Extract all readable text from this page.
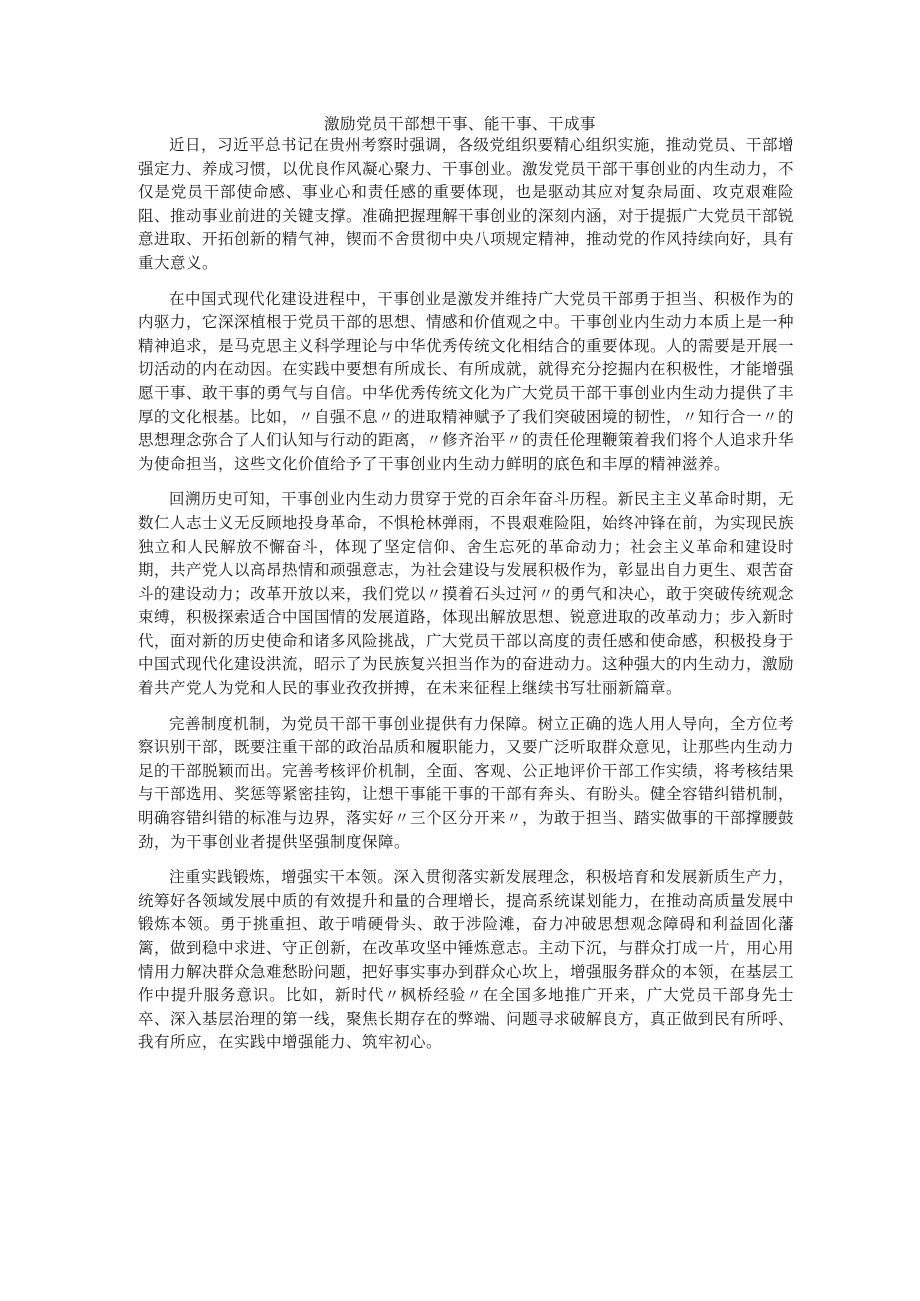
激励党员干部想干事、能干事、干成事

近日，习近平总书记在贵州考察时强调，各级党组织要精心组织实施，推动党员、干部增强定力、养成习惯，以优良作风凝心聚力、干事创业。激发党员干部干事创业的内生动力，不仅是党员干部使命感、事业心和责任感的重要体现，也是驱动其应对复杂局面、攻克艰难险阻、推动事业前进的关键支撑。准确把握理解干事创业的深刻内涵，对于提振广大党员干部锐意进取、开拓创新的精气神，锲而不舍贯彻中央八项规定精神，推动党的作风持续向好，具有重大意义。

在中国式现代化建设进程中，干事创业是激发并维持广大党员干部勇于担当、积极作为的内驱力，它深深植根于党员干部的思想、情感和价值观之中。干事创业内生动力本质上是一种精神追求，是马克思主义科学理论与中华优秀传统文化相结合的重要体现。人的需要是开展一切活动的内在动因。在实践中要想有所成长、有所成就，就得充分挖掘内在积极性，才能增强愿干事、敢干事的勇气与自信。中华优秀传统文化为广大党员干部干事创业内生动力提供了丰厚的文化根基。比如，〃自强不息〃的进取精神赋予了我们突破困境的韧性，〃知行合一〃的思想理念弥合了人们认知与行动的距离，〃修齐治平〃的责任伦理鞭策着我们将个人追求升华为使命担当，这些文化价值给予了干事创业内生动力鲜明的底色和丰厚的精神滋养。

回溯历史可知，干事创业内生动力贯穿于党的百余年奋斗历程。新民主主义革命时期，无数仁人志士义无反顾地投身革命，不惧枪林弹雨，不畏艰难险阻，始终冲锋在前，为实现民族独立和人民解放不懈奋斗，体现了坚定信仰、舍生忘死的革命动力；社会主义革命和建设时期，共产党人以高昂热情和顽强意志，为社会建设与发展积极作为，彰显出自力更生、艰苦奋斗的建设动力；改革开放以来，我们党以〃摸着石头过河〃的勇气和决心，敢于突破传统观念束缚，积极探索适合中国国情的发展道路，体现出解放思想、锐意进取的改革动力；步入新时代，面对新的历史使命和诸多风险挑战，广大党员干部以高度的责任感和使命感，积极投身于中国式现代化建设洪流，昭示了为民族复兴担当作为的奋进动力。这种强大的内生动力，激励着共产党人为党和人民的事业孜孜拼搏，在未来征程上继续书写壮丽新篇章。

完善制度机制，为党员干部干事创业提供有力保障。树立正确的选人用人导向，全方位考察识别干部，既要注重干部的政治品质和履职能力，又要广泛听取群众意见，让那些内生动力足的干部脱颖而出。完善考核评价机制，全面、客观、公正地评价干部工作实绩，将考核结果与干部选用、奖惩等紧密挂钩，让想干事能干事的干部有奔头、有盼头。健全容错纠错机制，明确容错纠错的标准与边界，落实好〃三个区分开来〃，为敢于担当、踏实做事的干部撑腰鼓劲，为干事创业者提供坚强制度保障。

注重实践锻炼，增强实干本领。深入贯彻落实新发展理念，积极培育和发展新质生产力，统筹好各领域发展中质的有效提升和量的合理增长，提高系统谋划能力，在推动高质量发展中锻炼本领。勇于挑重担、敢于啃硬骨头、敢于涉险滩，奋力冲破思想观念障碍和利益固化藩篱，做到稳中求进、守正创新，在改革攻坚中锤炼意志。主动下沉，与群众打成一片，用心用情用力解决群众急难愁盼问题，把好事实事办到群众心坎上，增强服务群众的本领，在基层工作中提升服务意识。比如，新时代〃枫桥经验〃在全国多地推广开来，广大党员干部身先士卒、深入基层治理的第一线，聚焦长期存在的弊端、问题寻求破解良方，真正做到民有所呼、我有所应，在实践中增强能力、筑牢初心。
